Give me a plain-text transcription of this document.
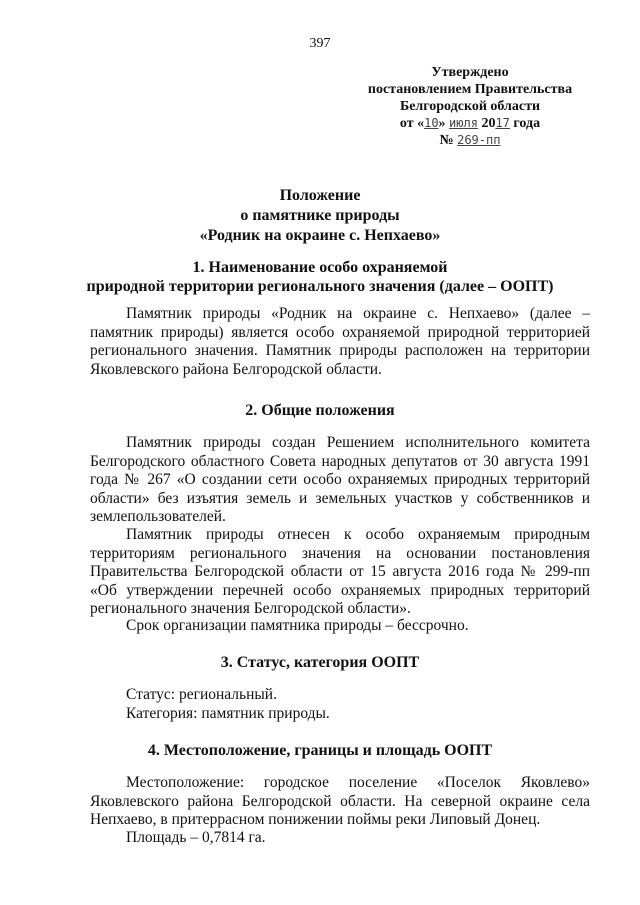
397
Утверждено
постановлением Правительства
Белгородской области
от «10» июля 2017 года
№ 269-пп
Положение
о памятнике природы
«Родник на окраине с. Непхаево»
1. Наименование особо охраняемой
природной территории регионального значения (далее – ООПТ)
Памятник природы «Родник на окраине с. Непхаево» (далее – памятник природы) является особо охраняемой природной территорией регионального значения. Памятник природы расположен на территории Яковлевского района Белгородской области.
2. Общие положения
Памятник природы создан Решением исполнительного комитета Белгородского областного Совета народных депутатов от 30 августа 1991 года № 267 «О создании сети особо охраняемых природных территорий области» без изъятия земель и земельных участков у собственников и землепользователей.
Памятник природы отнесен к особо охраняемым природным территориям регионального значения на основании постановления Правительства Белгородской области от 15 августа 2016 года № 299-пп «Об утверждении перечней особо охраняемых природных территорий регионального значения Белгородской области».
Срок организации памятника природы – бессрочно.
3. Статус, категория ООПТ
Статус: региональный.
Категория: памятник природы.
4. Местоположение, границы и площадь ООПТ
Местоположение: городское поселение «Поселок Яковлево» Яковлевского района Белгородской области. На северной окраине села Непхаево, в притеррасном понижении поймы реки Липовый Донец.
Площадь – 0,7814 га.
